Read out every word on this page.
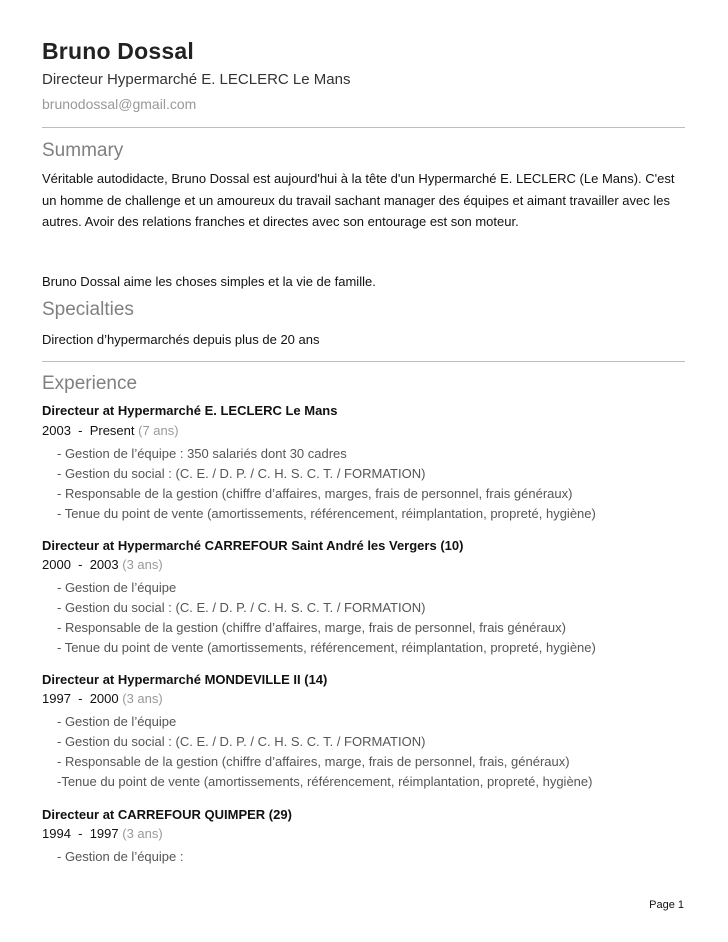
Bruno Dossal
Directeur Hypermarché E. LECLERC Le Mans
brunodossal@gmail.com
Summary
Véritable autodidacte, Bruno Dossal est aujourd'hui à la tête d'un Hypermarché E. LECLERC (Le Mans). C'est un homme de challenge et un amoureux du travail sachant manager des équipes et aimant travailler avec les autres. Avoir des relations franches et directes avec son entourage est son moteur.
Bruno Dossal aime les choses simples et la vie de famille.
Specialties
Direction d’hypermarchés depuis plus de 20 ans
Experience
Directeur at Hypermarché E. LECLERC Le Mans
2003  -  Present (7 ans)
- Gestion de l’équipe : 350 salariés dont 30 cadres
- Gestion du social : (C. E. / D. P. / C. H. S. C. T. / FORMATION)
- Responsable de la gestion (chiffre d’affaires, marges, frais de personnel, frais généraux)
- Tenue du point de vente (amortissements, référencement, réimplantation, propreté, hygiène)
Directeur at Hypermarché CARREFOUR Saint André les Vergers (10)
2000  -  2003 (3 ans)
- Gestion de l’équipe
- Gestion du social : (C. E. / D. P. / C. H. S. C. T. / FORMATION)
- Responsable de la gestion (chiffre d’affaires, marge, frais de personnel, frais généraux)
- Tenue du point de vente (amortissements, référencement, réimplantation, propreté, hygiène)
Directeur at Hypermarché MONDEVILLE II (14)
1997  -  2000 (3 ans)
- Gestion de l’équipe
- Gestion du social : (C. E. / D. P. / C. H. S. C. T. / FORMATION)
- Responsable de la gestion (chiffre d’affaires, marge, frais de personnel, frais, généraux)
-Tenue du point de vente (amortissements, référencement, réimplantation, propreté, hygiène)
Directeur at CARREFOUR QUIMPER (29)
1994  -  1997 (3 ans)
- Gestion de l’équipe :
Page 1
